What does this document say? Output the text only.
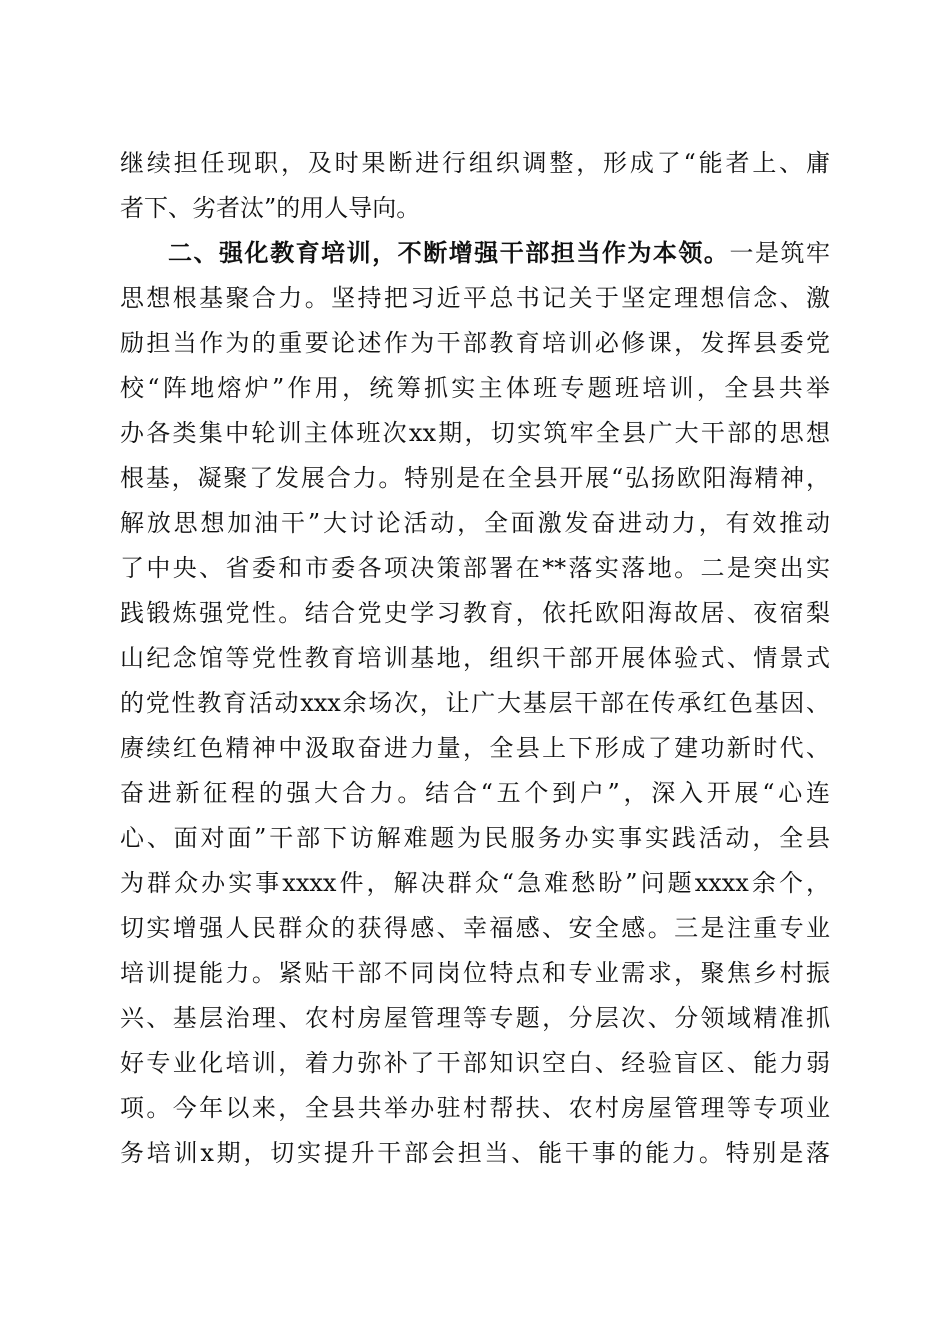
继续担任现职，及时果断进行组织调整，形成了“能者上、庸
者下、劣者汰”的用人导向。
二、强化教育培训，不断增强干部担当作为本领。一是筑牢
思想根基聚合力。坚持把习近平总书记关于坚定理想信念、激
励担当作为的重要论述作为干部教育培训必修课，发挥县委党
校“阵地熔炉”作用，统筹抓实主体班专题班培训，全县共举
办各类集中轮训主体班次xx期，切实筑牢全县广大干部的思想
根基，凝聚了发展合力。特别是在全县开展“弘扬欧阳海精神，
解放思想加油干”大讨论活动，全面激发奋进动力，有效推动
了中央、省委和市委各项决策部署在**落实落地。二是突出实
践锻炼强党性。结合党史学习教育，依托欧阳海故居、夜宿梨
山纪念馆等党性教育培训基地，组织干部开展体验式、情景式
的党性教育活动xxx余场次，让广大基层干部在传承红色基因、
赓续红色精神中汲取奋进力量，全县上下形成了建功新时代、
奋进新征程的强大合力。结合“五个到户”，深入开展“心连
心、面对面”干部下访解难题为民服务办实事实践活动，全县
为群众办实事xxxx件，解决群众“急难愁盼”问题xxxx余个，
切实增强人民群众的获得感、幸福感、安全感。三是注重专业
培训提能力。紧贴干部不同岗位特点和专业需求，聚焦乡村振
兴、基层治理、农村房屋管理等专题，分层次、分领域精准抓
好专业化培训，着力弥补了干部知识空白、经验盲区、能力弱
项。今年以来，全县共举办驻村帮扶、农村房屋管理等专项业
务培训x期，切实提升干部会担当、能干事的能力。特别是落
